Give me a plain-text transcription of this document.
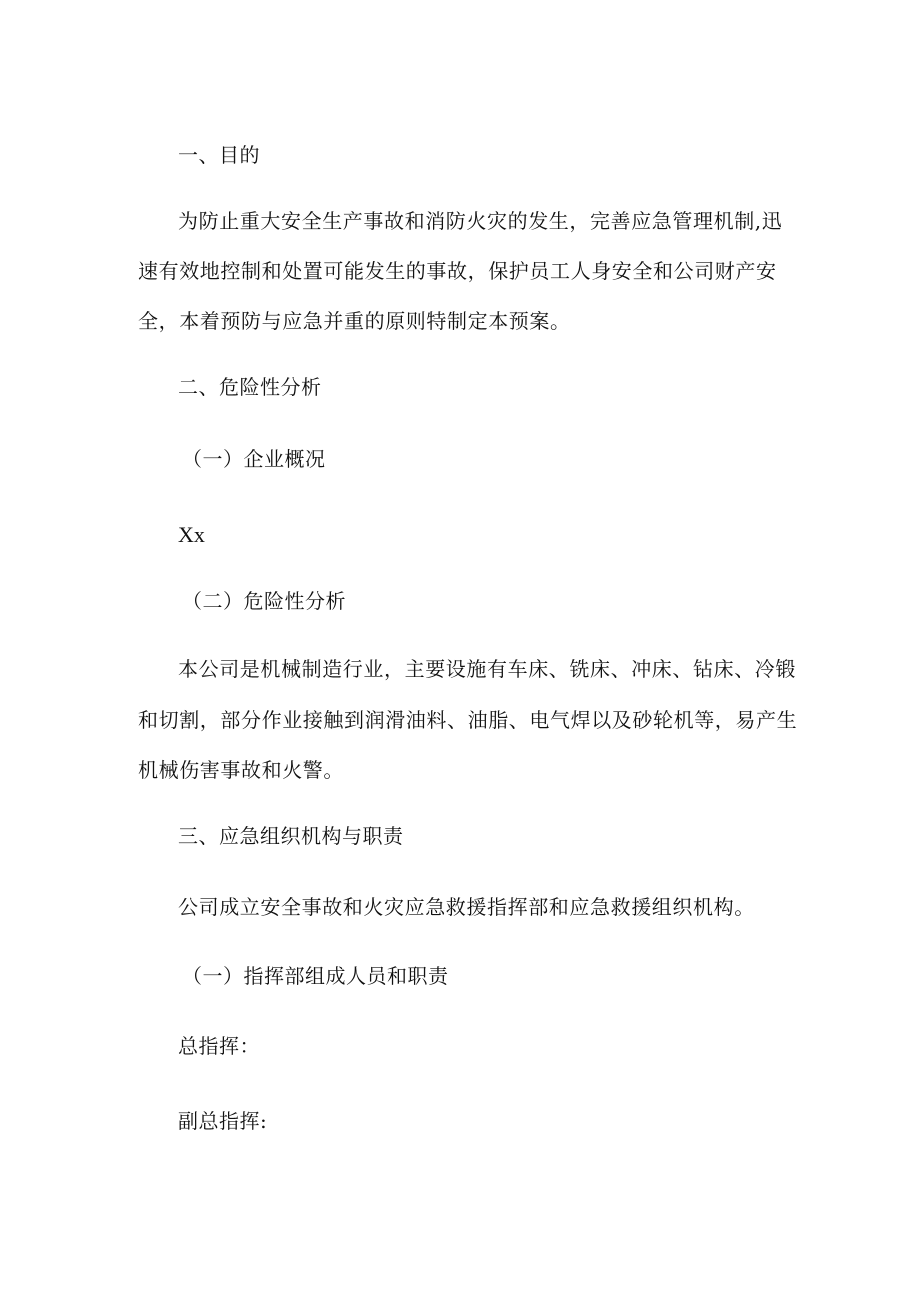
一、目的
为防止重大安全生产事故和消防火灾的发生，完善应急管理机制,迅
速有效地控制和处置可能发生的事故，保护员工人身安全和公司财产安
全，本着预防与应急并重的原则特制定本预案。
二、危险性分析
（一）企业概况
Xx
（二）危险性分析
本公司是机械制造行业，主要设施有车床、铣床、冲床、钻床、冷锻
和切割，部分作业接触到润滑油料、油脂、电气焊以及砂轮机等，易产生
机械伤害事故和火警。
三、应急组织机构与职责
公司成立安全事故和火灾应急救援指挥部和应急救援组织机构。
（一）指挥部组成人员和职责
总指挥：
副总指挥:
